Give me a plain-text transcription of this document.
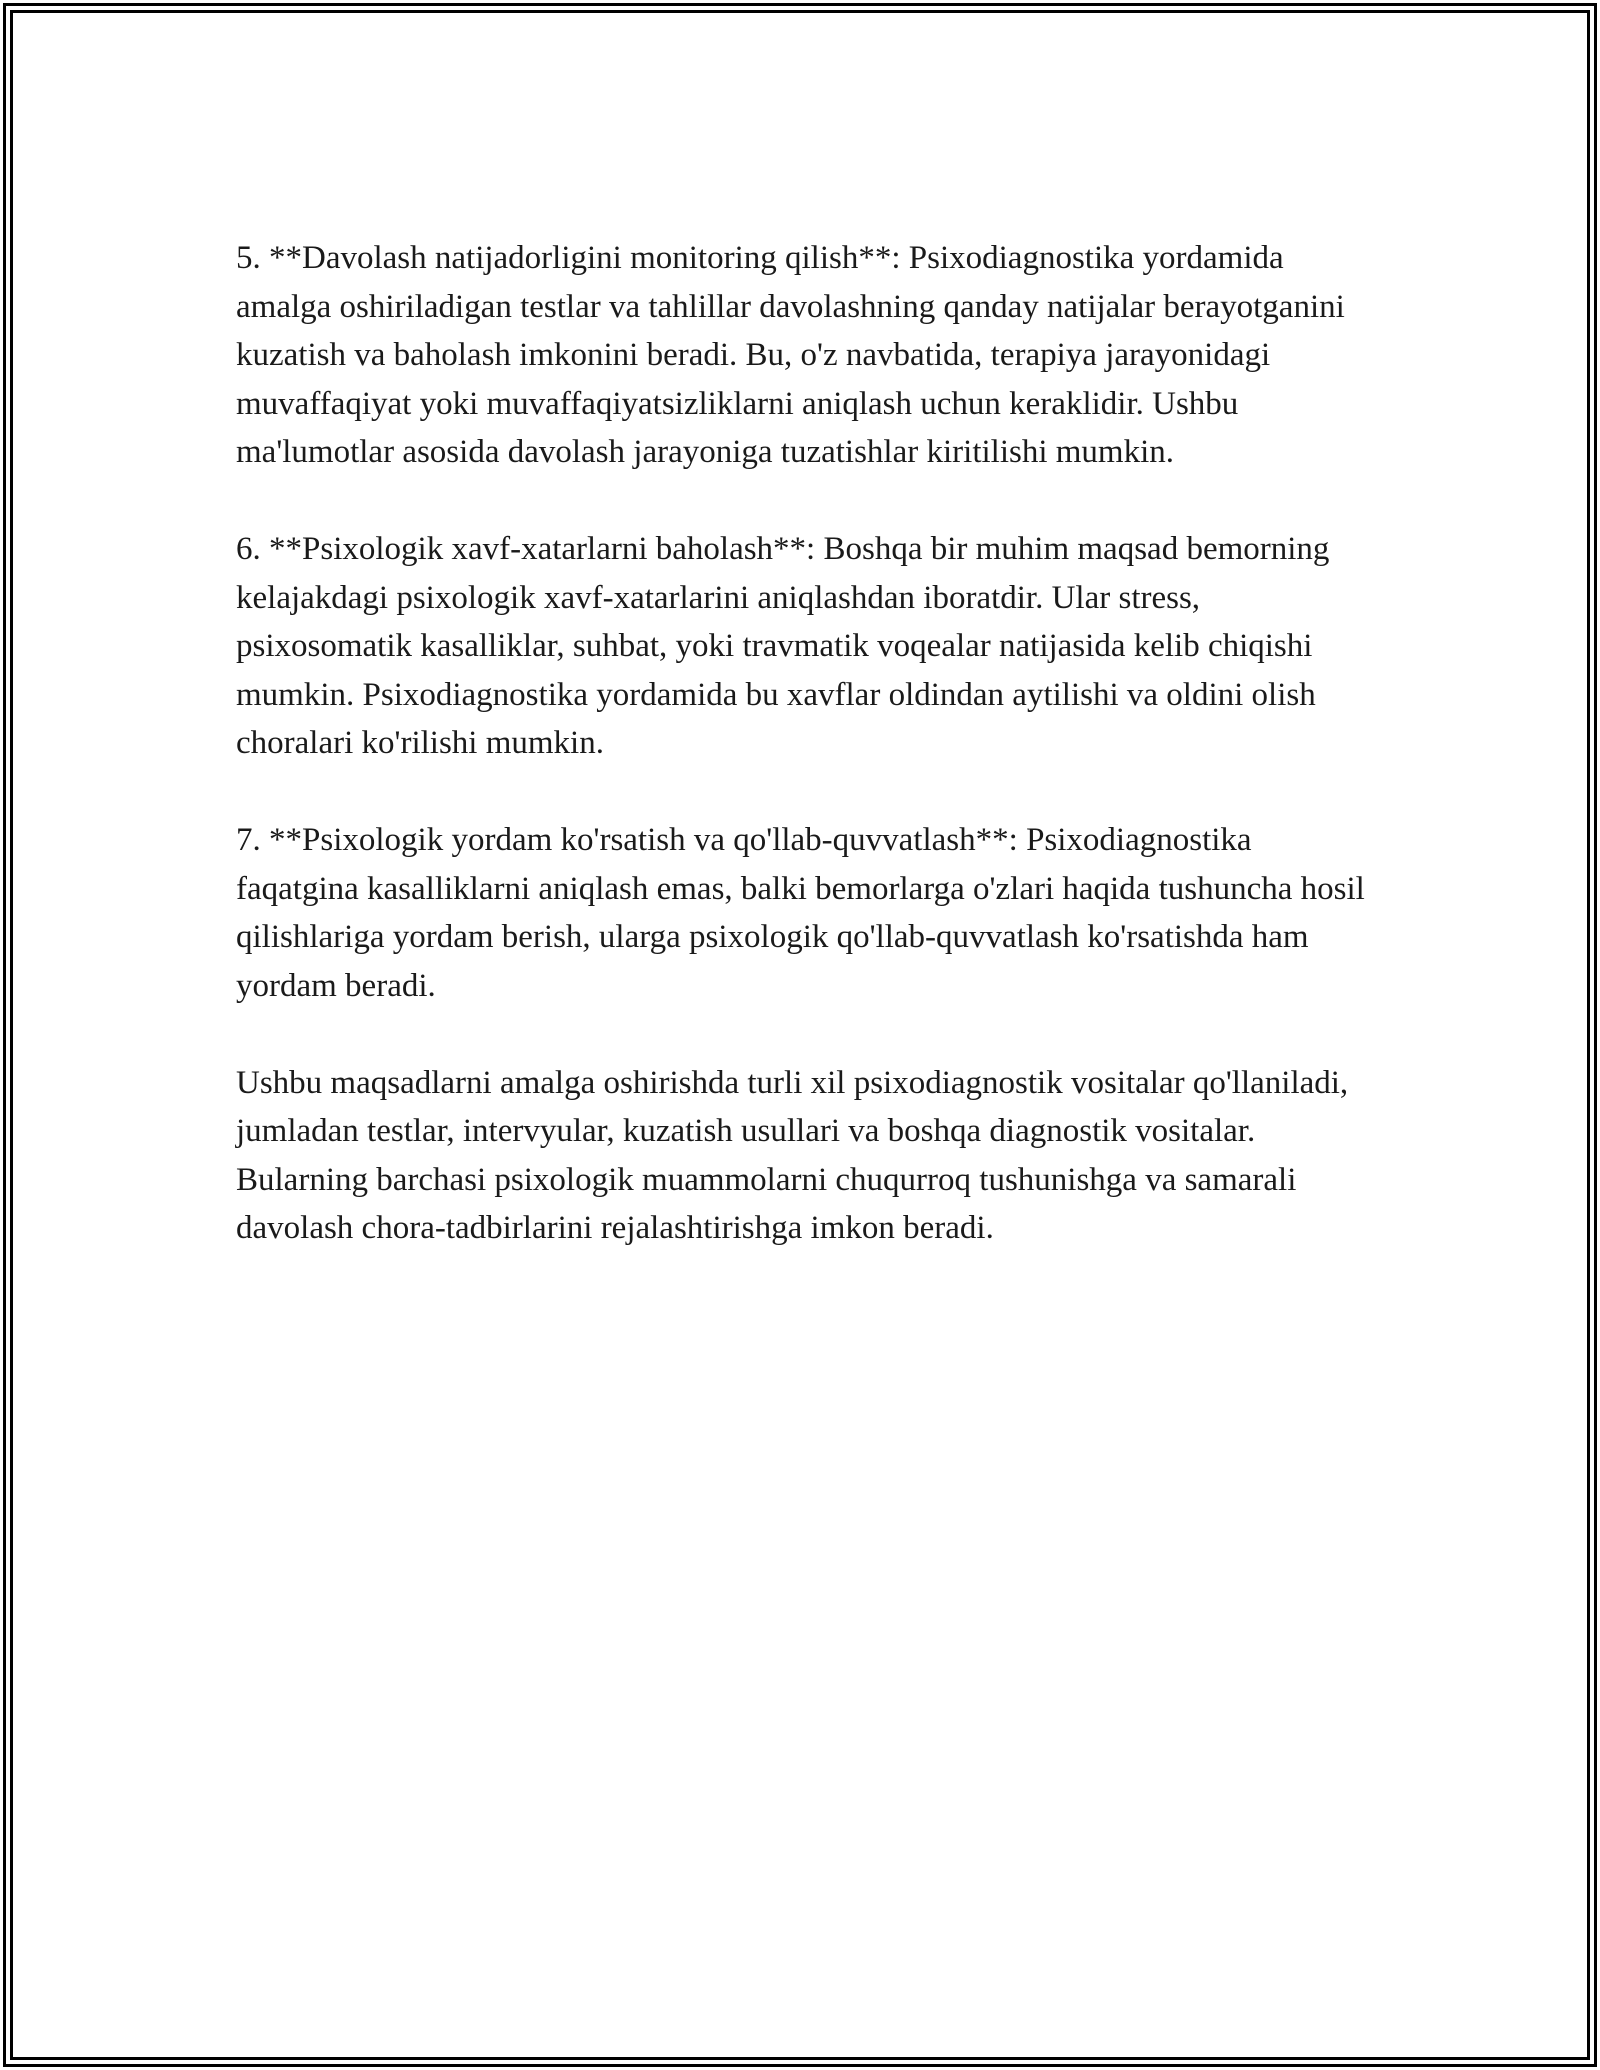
5. **Davolash natijadorligini monitoring qilish**: Psixodiagnostika yordamida amalga oshiriladigan testlar va tahlillar davolashning qanday natijalar berayotganini kuzatish va baholash imkonini beradi. Bu, o'z navbatida, terapiya jarayonidagi muvaffaqiyat yoki muvaffaqiyatsizliklarni aniqlash uchun keraklidir. Ushbu ma'lumotlar asosida davolash jarayoniga tuzatishlar kiritilishi mumkin.

6. **Psixologik xavf-xatarlarni baholash**: Boshqa bir muhim maqsad bemorning kelajakdagi psixologik xavf-xatarlarini aniqlashdan iboratdir. Ular stress, psixosomatik kasalliklar, suhbat, yoki travmatik voqealar natijasida kelib chiqishi mumkin. Psixodiagnostika yordamida bu xavflar oldindan aytilishi va oldini olish choralari ko'rilishi mumkin.

7. **Psixologik yordam ko'rsatish va qo'llab-quvvatlash**: Psixodiagnostika faqatgina kasalliklarni aniqlash emas, balki bemorlarga o'zlari haqida tushuncha hosil qilishlariga yordam berish, ularga psixologik qo'llab-quvvatlash ko'rsatishda ham yordam beradi.

Ushbu maqsadlarni amalga oshirishda turli xil psixodiagnostik vositalar qo'llaniladi, jumladan testlar, intervyular, kuzatish usullari va boshqa diagnostik vositalar. Bularning barchasi psixologik muammolarni chuqurroq tushunishga va samarali davolash chora-tadbirlarini rejalashtirishga imkon beradi.
